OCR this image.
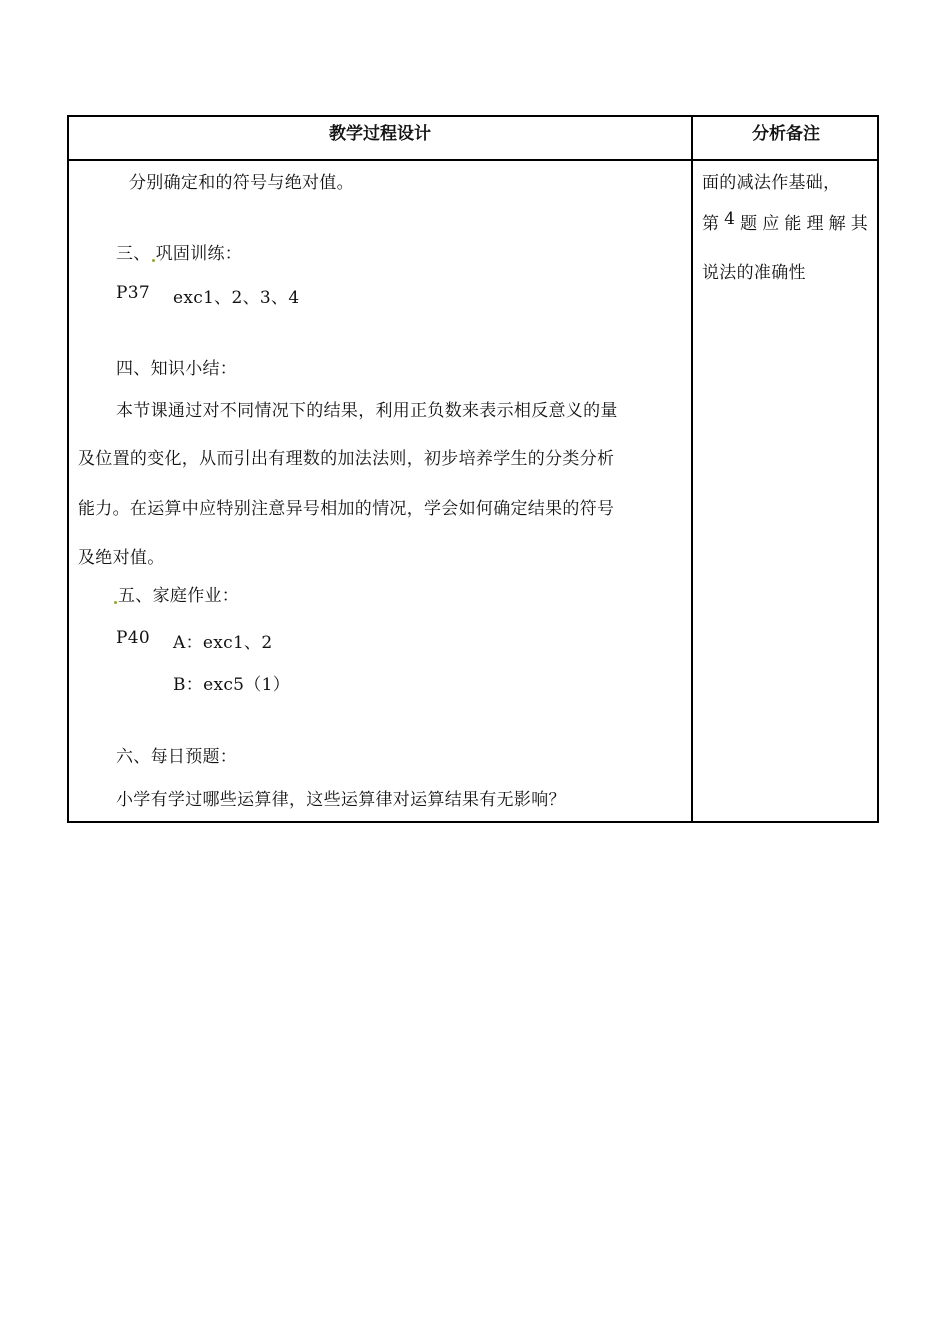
教学过程设计	分析备注
分别确定和的符号与绝对值。
三、 巩固训练：
P37 exc1、2、3、4
四、知识小结：
本节课通过对不同情况下的结果，利用正负数来表示相反意义的量
及位置的变化，从而引出有理数的加法法则，初步培养学生的分类分析
能力。在运算中应特别注意异号相加的情况，学会如何确定结果的符号
及绝对值。
五、家庭作业：
P40 A：exc1、2
B：exc5（1）
六、每日预题：
小学有学过哪些运算律，这些运算律对运算结果有无影响？
面的减法作基础，
第 4 题 应 能 理 解 其
说法的准确性
